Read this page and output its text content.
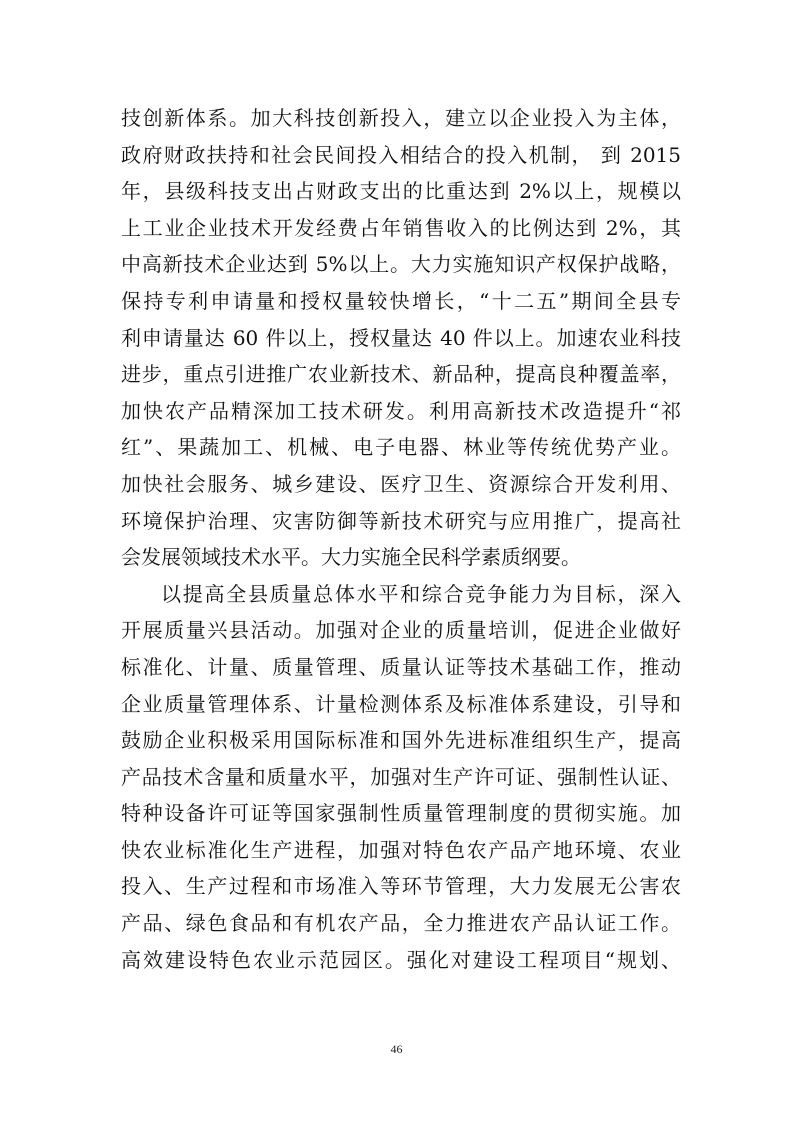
技创新体系。加大科技创新投入，建立以企业投入为主体，
政府财政扶持和社会民间投入相结合的投入机制， 到 2015
年，县级科技支出占财政支出的比重达到 2%以上，规模以
上工业企业技术开发经费占年销售收入的比例达到 2%，其
中高新技术企业达到 5%以上。大力实施知识产权保护战略，
保持专利申请量和授权量较快增长，“十二五”期间全县专
利申请量达 60 件以上，授权量达 40 件以上。加速农业科技
进步，重点引进推广农业新技术、新品种，提高良种覆盖率，
加快农产品精深加工技术研发。利用高新技术改造提升“祁
红”、果蔬加工、机械、电子电器、林业等传统优势产业。
加快社会服务、城乡建设、医疗卫生、资源综合开发利用、
环境保护治理、灾害防御等新技术研究与应用推广，提高社
会发展领域技术水平。大力实施全民科学素质纲要。
以提高全县质量总体水平和综合竞争能力为目标，深入
开展质量兴县活动。加强对企业的质量培训，促进企业做好
标准化、计量、质量管理、质量认证等技术基础工作，推动
企业质量管理体系、计量检测体系及标准体系建设，引导和
鼓励企业积极采用国际标准和国外先进标准组织生产，提高
产品技术含量和质量水平，加强对生产许可证、强制性认证、
特种设备许可证等国家强制性质量管理制度的贯彻实施。加
快农业标准化生产进程，加强对特色农产品产地环境、农业
投入、生产过程和市场准入等环节管理，大力发展无公害农
产品、绿色食品和有机农产品，全力推进农产品认证工作。
高效建设特色农业示范园区。强化对建设工程项目“规划、
46
